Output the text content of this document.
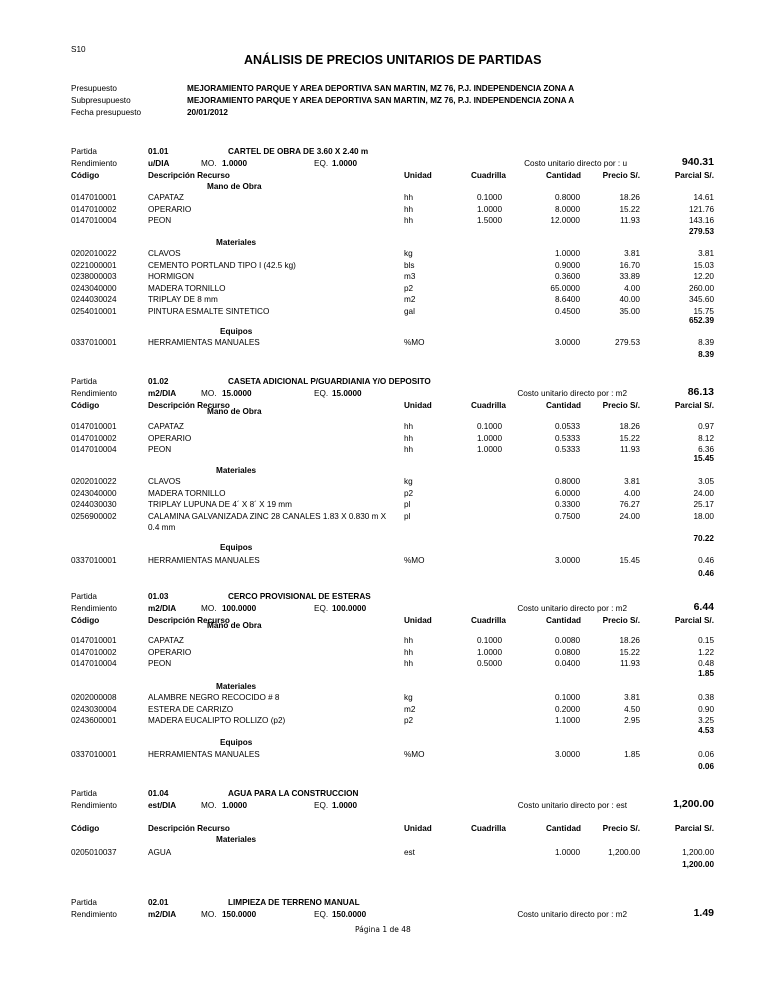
S10
ANÁLISIS DE PRECIOS UNITARIOS DE PARTIDAS
Presupuesto	MEJORAMIENTO PARQUE Y AREA DEPORTIVA SAN MARTIN, MZ 76, P.J. INDEPENDENCIA ZONA A
Subpresupuesto	MEJORAMIENTO PARQUE Y AREA DEPORTIVA SAN MARTIN, MZ 76, P.J. INDEPENDENCIA ZONA A
Fecha presupuesto	20/01/2012
Partida	01.01	CARTEL DE OBRA DE 3.60 X 2.40 m
Rendimiento	u/DIA	MO. 1.0000	EQ. 1.0000	Costo unitario directo por : u	940.31
Código	Descripción Recurso	Unidad	Cuadrilla	Cantidad	Precio S/.	Parcial S/.
Mano de Obra
0147010001	CAPATAZ	hh	0.1000	0.8000	18.26	14.61
0147010002	OPERARIO	hh	1.0000	8.0000	15.22	121.76
0147010004	PEON	hh	1.5000	12.0000	11.93	143.16
279.53
Materiales
0202010022	CLAVOS	kg	1.0000	3.81	3.81
0221000001	CEMENTO PORTLAND TIPO I (42.5 kg)	bls	0.9000	16.70	15.03
0238000003	HORMIGON	m3	0.3600	33.89	12.20
0243040000	MADERA TORNILLO	p2	65.0000	4.00	260.00
0244030024	TRIPLAY DE 8 mm	m2	8.6400	40.00	345.60
0254010001	PINTURA ESMALTE SINTETICO	gal	0.4500	35.00	15.75
652.39
Equipos
0337010001	HERRAMIENTAS MANUALES	%MO	3.0000	279.53	8.39
8.39
Partida	01.02	CASETA ADICIONAL P/GUARDIANIA Y/O DEPOSITO
Rendimiento	m2/DIA	MO. 15.0000	EQ. 15.0000	Costo unitario directo por : m2	86.13
Código	Descripción Recurso	Unidad	Cuadrilla	Cantidad	Precio S/.	Parcial S/.
Mano de Obra
0147010001	CAPATAZ	hh	0.1000	0.0533	18.26	0.97
0147010002	OPERARIO	hh	1.0000	0.5333	15.22	8.12
0147010004	PEON	hh	1.0000	0.5333	11.93	6.36
15.45
Materiales
0202010022	CLAVOS	kg	0.8000	3.81	3.05
0243040000	MADERA TORNILLO	p2	6.0000	4.00	24.00
0244030030	TRIPLAY LUPUNA DE 4´ X 8´ X 19 mm	pl	0.3300	76.27	25.17
0256900002	CALAMINA GALVANIZADA ZINC 28 CANALES 1.83 X 0.830 m X pl	0.7500	24.00	18.00
0.4 mm
70.22
Equipos
0337010001	HERRAMIENTAS MANUALES	%MO	3.0000	15.45	0.46
0.46
Partida	01.03	CERCO PROVISIONAL DE ESTERAS
Rendimiento	m2/DIA	MO. 100.0000	EQ. 100.0000	Costo unitario directo por : m2	6.44
Código	Descripción Recurso	Unidad	Cuadrilla	Cantidad	Precio S/.	Parcial S/.
Mano de Obra
0147010001	CAPATAZ	hh	0.1000	0.0080	18.26	0.15
0147010002	OPERARIO	hh	1.0000	0.0800	15.22	1.22
0147010004	PEON	hh	0.5000	0.0400	11.93	0.48
1.85
Materiales
0202000008	ALAMBRE NEGRO RECOCIDO # 8	kg	0.1000	3.81	0.38
0243030004	ESTERA DE CARRIZO	m2	0.2000	4.50	0.90
0243600001	MADERA EUCALIPTO ROLLIZO (p2)	p2	1.1000	2.95	3.25
4.53
Equipos
0337010001	HERRAMIENTAS MANUALES	%MO	3.0000	1.85	0.06
0.06
Partida	01.04	AGUA PARA LA CONSTRUCCION
Rendimiento	est/DIA	MO. 1.0000	EQ. 1.0000	Costo unitario directo por : est	1,200.00
Código	Descripción Recurso	Unidad	Cuadrilla	Cantidad	Precio S/.	Parcial S/.
Materiales
0205010037	AGUA	est	1.0000	1,200.00	1,200.00
1,200.00
Partida	02.01	LIMPIEZA DE TERRENO MANUAL
Rendimiento	m2/DIA	MO. 150.0000	EQ. 150.0000	Costo unitario directo por : m2	1.49
Página 1 de 48
